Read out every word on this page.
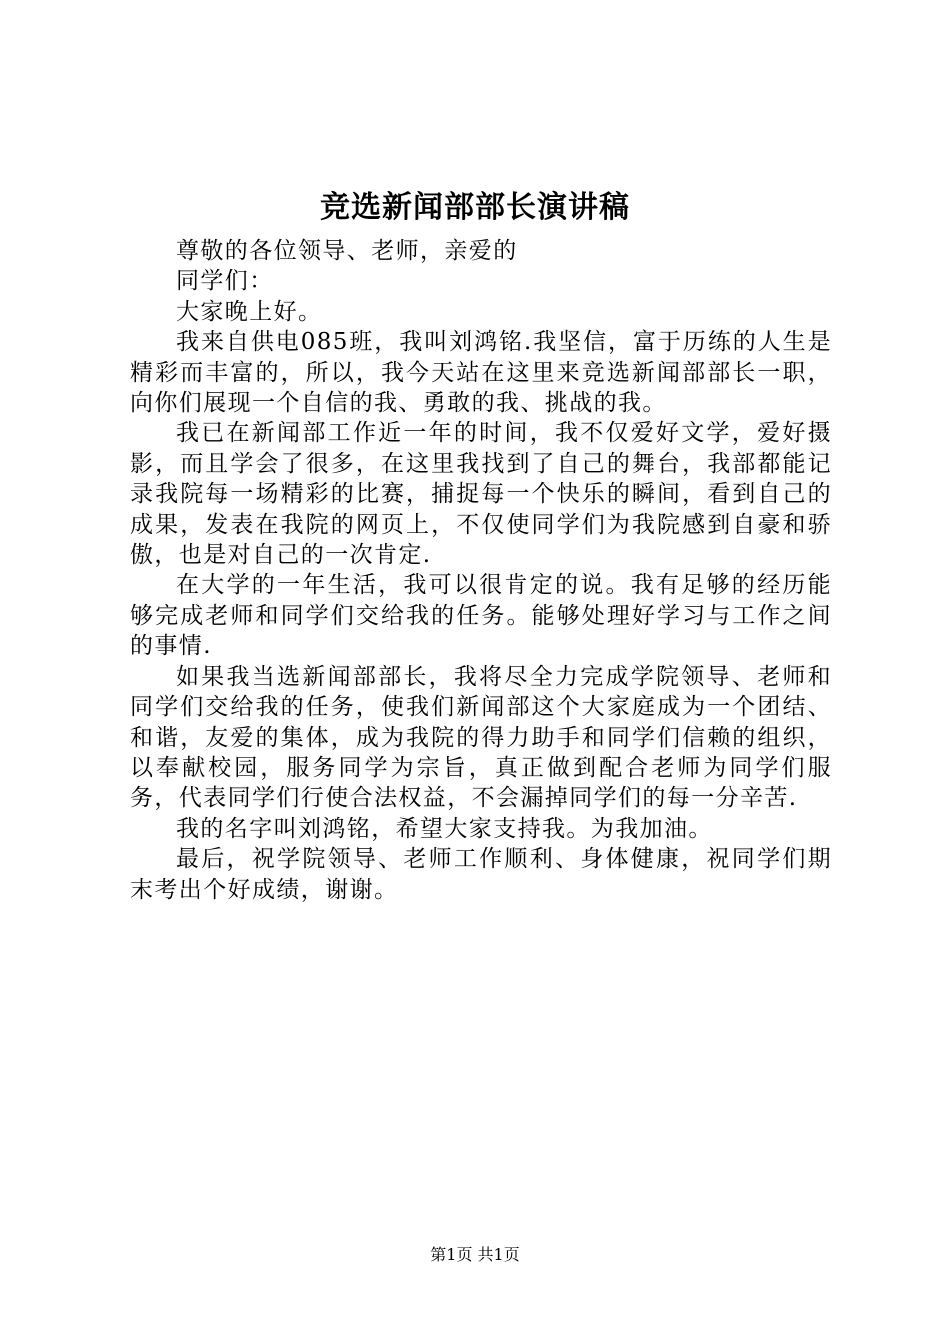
竞选新闻部部长演讲稿

尊敬的各位领导、老师，亲爱的

同学们：

大家晚上好。

我来自供电085班，我叫刘鸿铭.我坚信，富于历练的人生是精彩而丰富的，所以，我今天站在这里来竞选新闻部部长一职，向你们展现一个自信的我、勇敢的我、挑战的我。

我已在新闻部工作近一年的时间，我不仅爱好文学，爱好摄影，而且学会了很多，在这里我找到了自己的舞台，我部都能记录我院每一场精彩的比赛，捕捉每一个快乐的瞬间，看到自己的成果，发表在我院的网页上，不仅使同学们为我院感到自豪和骄傲，也是对自己的一次肯定.

在大学的一年生活，我可以很肯定的说。我有足够的经历能够完成老师和同学们交给我的任务。能够处理好学习与工作之间的事情.

如果我当选新闻部部长，我将尽全力完成学院领导、老师和同学们交给我的任务，使我们新闻部这个大家庭成为一个团结、和谐，友爱的集体，成为我院的得力助手和同学们信赖的组织，以奉献校园，服务同学为宗旨，真正做到配合老师为同学们服务，代表同学们行使合法权益，不会漏掉同学们的每一分辛苦.

我的名字叫刘鸿铭，希望大家支持我。为我加油。

最后，祝学院领导、老师工作顺利、身体健康，祝同学们期末考出个好成绩，谢谢。

第1页 共1页
